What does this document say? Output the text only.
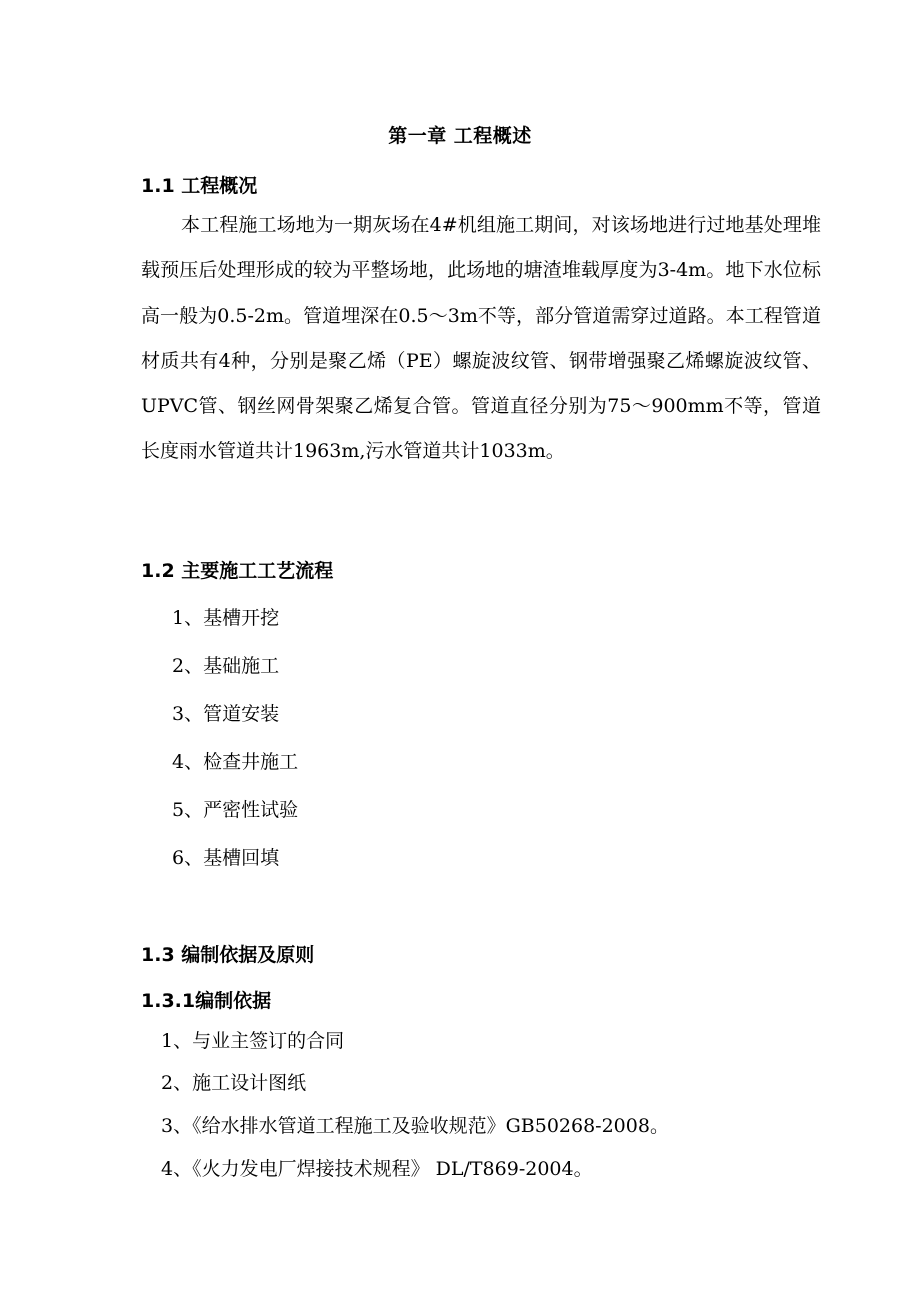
第一章 工程概述
1.1 工程概况

本工程施工场地为一期灰场在4#机组施工期间，对该场地进行过地基处理堆载预压后处理形成的较为平整场地，此场地的塘渣堆载厚度为3-4m。地下水位标高一般为0.5-2m。管道埋深在0.5～3m不等，部分管道需穿过道路。本工程管道材质共有4种，分别是聚乙烯（PE）螺旋波纹管、钢带增强聚乙烯螺旋波纹管、UPVC管、钢丝网骨架聚乙烯复合管。管道直径分别为75～900mm不等，管道长度雨水管道共计1963m,污水管道共计1033m。

1.2 主要施工工艺流程

1、基槽开挖

2、基础施工

3、管道安装

4、检查井施工

5、严密性试验

6、基槽回填

1.3 编制依据及原则
1.3.1编制依据

1、与业主签订的合同

2、施工设计图纸

3、《给水排水管道工程施工及验收规范》GB50268-2008。

4、《火力发电厂焊接技术规程》 DL/T869-2004。
